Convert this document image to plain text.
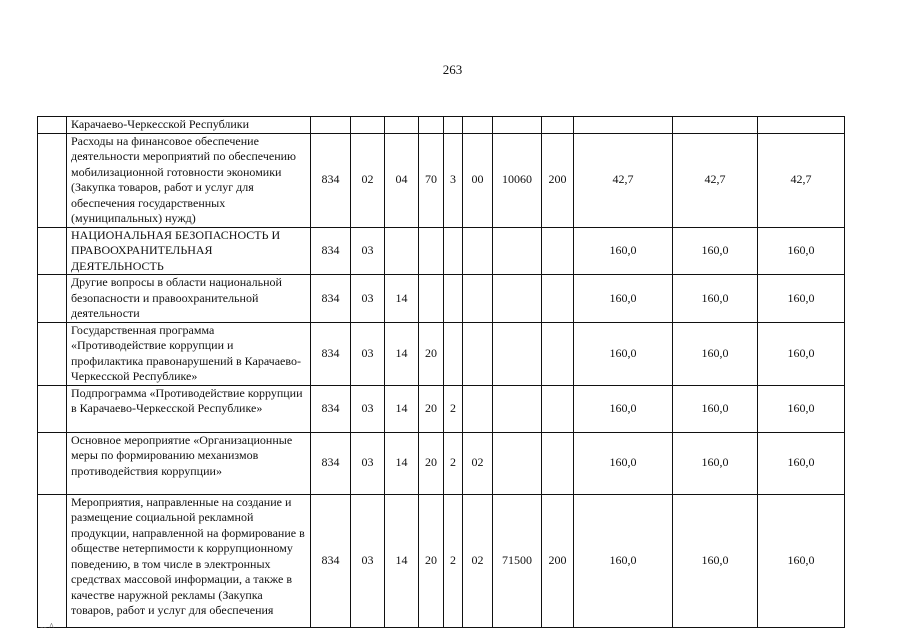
263
	Карачаево-Черкесской Республики											
	Расходы на финансовое обеспечение деятельности мероприятий по обеспечению мобилизационной готовности экономики (Закупка товаров, работ и услуг для обеспечения государственных (муниципальных) нужд)	834	02	04	70	3	00	10060	200	42,7	42,7	42,7
	НАЦИОНАЛЬНАЯ БЕЗОПАСНОСТЬ И ПРАВООХРАНИТЕЛЬНАЯ ДЕЯТЕЛЬНОСТЬ	834	03							160,0	160,0	160,0
	Другие вопросы в области национальной безопасности и правоохранительной деятельности	834	03	14						160,0	160,0	160,0
	Государственная программа «Противодействие коррупции и профилактика правонарушений в Карачаево-Черкесской Республике»	834	03	14	20					160,0	160,0	160,0
	Подпрограмма «Противодействие коррупции в Карачаево-Черкесской Республике»	834	03	14	20	2				160,0	160,0	160,0
	Основное мероприятие «Организационные меры по формированию механизмов противодействия коррупции»	834	03	14	20	2	02			160,0	160,0	160,0
	Мероприятия, направленные на создание и размещение социальной рекламной продукции, направленной на формирование в обществе нетерпимости к коррупционному поведению, в том числе в электронных средствах массовой информации, а также в качестве наружной рекламы (Закупка товаров, работ и услуг для обеспечения	834	03	14	20	2	02	71500	200	160,0	160,0	160,0
-- ^
